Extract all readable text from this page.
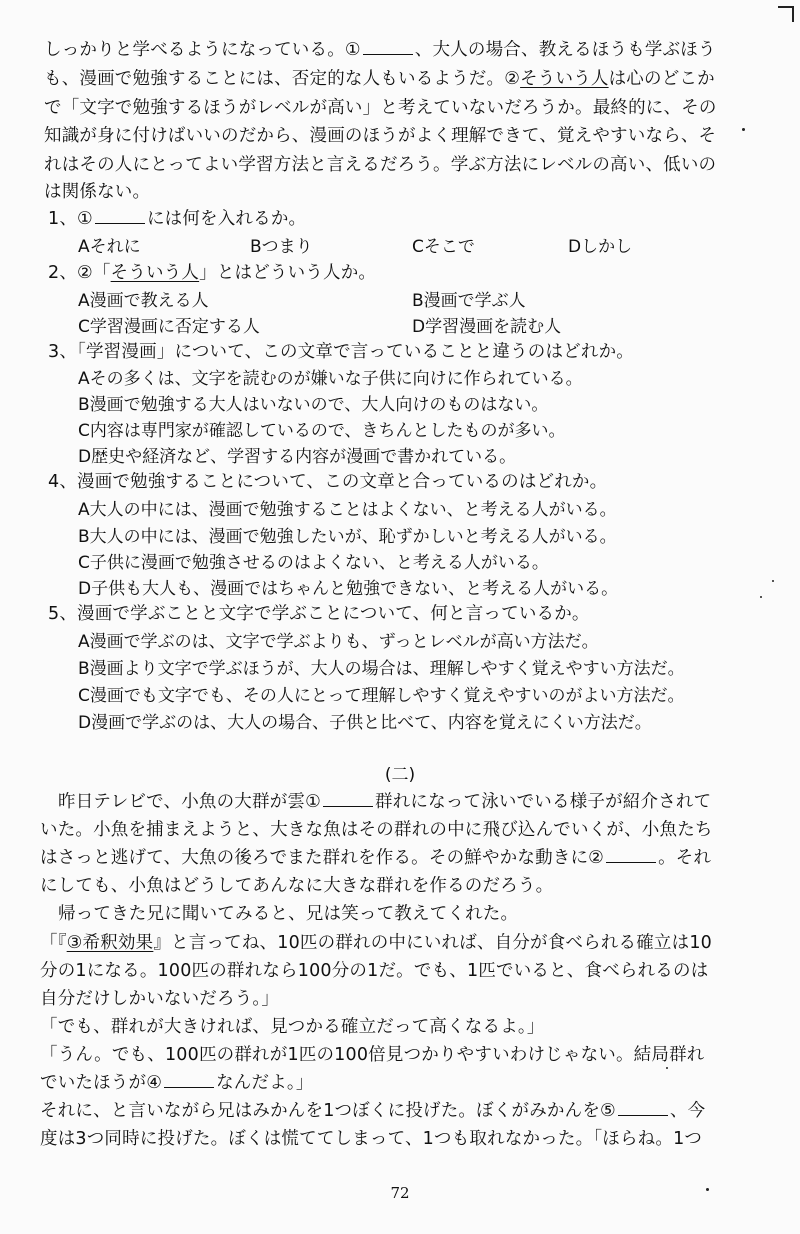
しっかりと学べるようになっている。①	、大人の場合、教えるほうも学ぶほう
も、漫画で勉強することには、否定的な人もいるようだ。②そういう人は心のどこか
で「文字で勉強するほうがレベルが高い」と考えていないだろうか。最終的に、その
知識が身に付けばいいのだから、漫画のほうがよく理解できて、覚えやすいなら、そ
れはその人にとってよい学習方法と言えるだろう。学ぶ方法にレベルの高い、低いの
は関係ない。
1、①	には何を入れるか。
Aそれに	Bつまり	Cそこで	Dしかし
2、②「そういう人」とはどういう人か。
A漫画で教える人	B漫画で学ぶ人
C学習漫画に否定する人	D学習漫画を読む人
3、「学習漫画」について、この文章で言っていることと違うのはどれか。
Aその多くは、文字を読むのが嫌いな子供に向けに作られている。
B漫画で勉強する大人はいないので、大人向けのものはない。
C内容は専門家が確認しているので、きちんとしたものが多い。
D歴史や経済など、学習する内容が漫画で書かれている。
4、漫画で勉強することについて、この文章と合っているのはどれか。
A大人の中には、漫画で勉強することはよくない、と考える人がいる。
B大人の中には、漫画で勉強したいが、恥ずかしいと考える人がいる。
C子供に漫画で勉強させるのはよくない、と考える人がいる。
D子供も大人も、漫画ではちゃんと勉強できない、と考える人がいる。
5、漫画で学ぶことと文字で学ぶことについて、何と言っているか。
A漫画で学ぶのは、文字で学ぶよりも、ずっとレベルが高い方法だ。
B漫画より文字で学ぶほうが、大人の場合は、理解しやすく覚えやすい方法だ。
C漫画でも文字でも、その人にとって理解しやすく覚えやすいのがよい方法だ。
D漫画で学ぶのは、大人の場合、子供と比べて、内容を覚えにくい方法だ。
(二)
昨日テレビで、小魚の大群が雲①	群れになって泳いでいる様子が紹介されて
いた。小魚を捕まえようと、大きな魚はその群れの中に飛び込んでいくが、小魚たち
はさっと逃げて、大魚の後ろでまた群れを作る。その鮮やかな動きに②	。それ
にしても、小魚はどうしてあんなに大きな群れを作るのだろう。
帰ってきた兄に聞いてみると、兄は笑って教えてくれた。
「『③希釈効果』と言ってね、10匹の群れの中にいれば、自分が食べられる確立は10
分の1になる。100匹の群れなら100分の1だ。でも、1匹でいると、食べられるのは
自分だけしかいないだろう。」
「でも、群れが大きければ、見つかる確立だって高くなるよ。」
「うん。でも、100匹の群れが1匹の100倍見つかりやすいわけじゃない。結局群れ
でいたほうが④	なんだよ。」
それに、と言いながら兄はみかんを1つぼくに投げた。ぼくがみかんを⑤	、今
度は3つ同時に投げた。ぼくは慌ててしまって、1つも取れなかった。「ほらね。1つ
72
